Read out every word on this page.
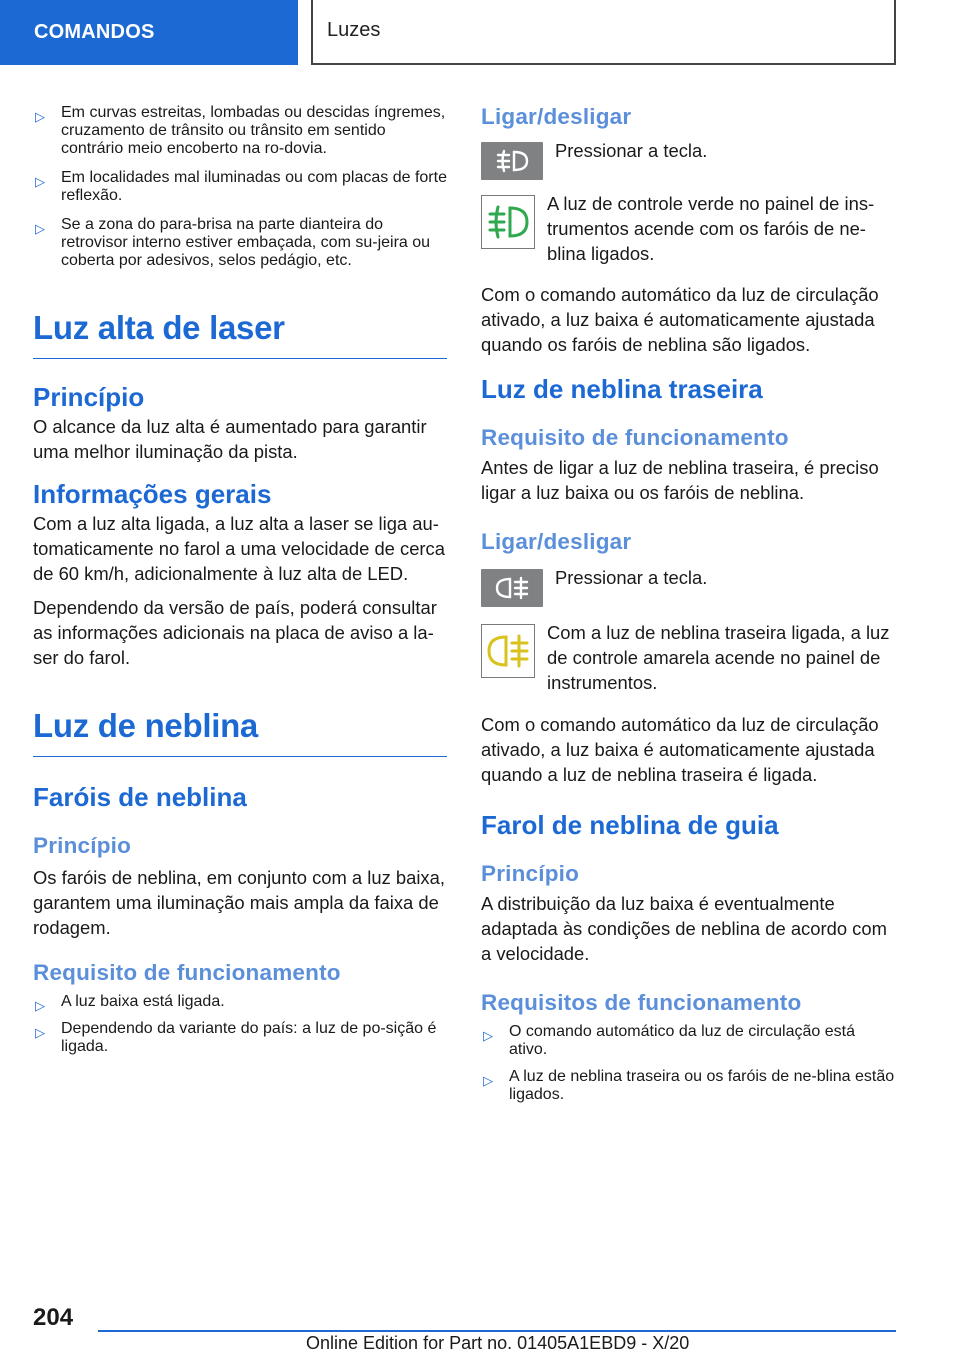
COMANDOS	Luzes
▷ Em curvas estreitas, lombadas ou descidas íngremes, cruzamento de trânsito ou trânsito em sentido contrário meio encoberto na ro-dovia.
▷ Em localidades mal iluminadas ou com placas de forte reflexão.
▷ Se a zona do para-brisa na parte dianteira do retrovisor interno estiver embaçada, com su-jeira ou coberta por adesivos, selos pedágio, etc.
Luz alta de laser
Princípio

O alcance da luz alta é aumentado para garantir uma melhor iluminação da pista.

Informações gerais

Com a luz alta ligada, a luz alta a laser se liga au-tomaticamente no farol a uma velocidade de cerca de 60 km/h, adicionalmente à luz alta de LED.

Dependendo da versão de país, poderá consultar as informações adicionais na placa de aviso a la-ser do farol.

Luz de neblina
Faróis de neblina
Princípio

Os faróis de neblina, em conjunto com a luz baixa, garantem uma iluminação mais ampla da faixa de rodagem.

Requisito de funcionamento
▷ A luz baixa está ligada.
▷ Dependendo da variante do país: a luz de po-sição é ligada.
Ligar/desligar

Pressionar a tecla.

A luz de controle verde no painel de ins-trumentos acende com os faróis de ne-blina ligados.

Com o comando automático da luz de circulação ativado, a luz baixa é automaticamente ajustada quando os faróis de neblina são ligados.

Luz de neblina traseira
Requisito de funcionamento

Antes de ligar a luz de neblina traseira, é preciso ligar a luz baixa ou os faróis de neblina.

Ligar/desligar

Pressionar a tecla.

Com a luz de neblina traseira ligada, a luz de controle amarela acende no painel de instrumentos.

Com o comando automático da luz de circulação ativado, a luz baixa é automaticamente ajustada quando a luz de neblina traseira é ligada.

Farol de neblina de guia
Princípio

A distribuição da luz baixa é eventualmente adaptada às condições de neblina de acordo com a velocidade.

Requisitos de funcionamento
▷ O comando automático da luz de circulação está ativo.
▷ A luz de neblina traseira ou os faróis de ne-blina estão ligados.
204
Online Edition for Part no. 01405A1EBD9 - X/20
